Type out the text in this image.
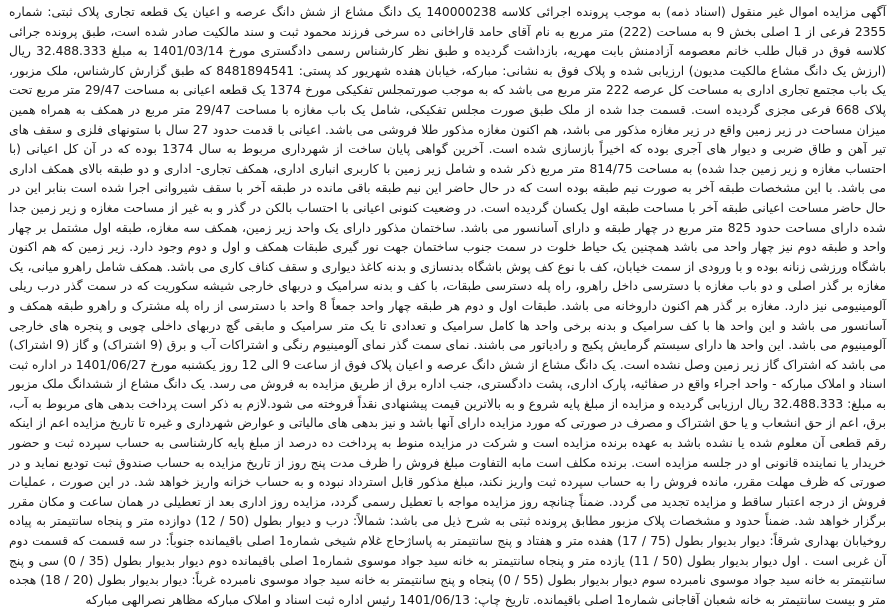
آگهی مزایده اموال غیر منقول (اسناد ذمه) به موجب پرونده اجرائی کلاسه 140000238 یک دانگ مشاع از شش دانگ عرصه و اعیان یک قطعه تجاری پلاک ثبتی: شماره 2355 فرعی از 1 اصلی بخش 9 به مساحت (222) متر مربع به نام آقای حامد قاراخانی ده سرخی فرزند محمود ثبت و سند مالکیت صادر شده است، طبق پرونده جرائی کلاسه فوق در قبال طلب خانم معصومه آزادمنش بابت مهریه، بازداشت گردیده و طبق نظر کارشناس رسمی دادگستری مورخ 1401/03/14 به مبلغ 32.488.333 ریال (ارزش یک دانگ مشاع مالکیت مدیون) ارزیابی شده و پلاک فوق به نشانی: مبارکه، خیابان هفده شهریور کد پستی: 8481894541 که طبق گزارش کارشناس، ملک مزبور، یک باب مجتمع تجاری اداری به مساحت کل عرصه 222 متر مربع می باشد که به موجب صورتمجلس تفکیکی مورخ 1374 یک قطعه اعیانی به مساحت 29/47 متر مربع تحت پلاک 668 فرعی مجزی گردیده است. قسمت جدا شده از ملک طبق صورت مجلس تفکیکی، شامل یک باب مغازه با مساحت 29/47 متر مربع در همکف به همراه همین میزان مساحت در زیر زمین واقع در زیر مغازه مذکور می باشد، هم اکنون مغازه مذکور طلا فروشی می باشد. اعیانی با قدمت حدود 27 سال با ستونهای فلزی و سقف های تیر آهن و طاق ضربی و دیوار های آجری بوده که اخیراً بازسازی شده است. آخرین گواهی پایان ساخت از شهرداری مربوط به سال 1374 بوده که در آن کل اعیانی (با احتساب مغازه و زیر زمین جدا شده) به مساحت 814/75 متر مربع ذکر شده و شامل زیر زمین با کاربری انباری اداری، همکف تجاری- اداری و دو طبقه بالای همکف اداری می باشد. با این مشخصات طبقه آخر به صورت نیم طبقه بوده است که در حال حاضر این نیم طبقه باقی مانده در طبقه آخر با سقف شیروانی اجرا شده است بنابر این در حال حاضر مساحت اعیانی طبقه آخر با مساحت طبقه اول یکسان گردیده است. در وضعیت کنونی اعیانی با احتساب بالکن در گذر و به غیر از مساحت مغازه و زیر زمین جدا شده دارای مساحت حدود 825 متر مربع در چهار طبقه و دارای آسانسور می باشد. ساختمان مذکور دارای یک واحد زیر زمین، همکف سه مغازه، طبقه اول مشتمل بر چهار واحد و طبقه دوم نیز چهار واحد می باشد همچنین یک حیاط خلوت در سمت جنوب ساختمان جهت نور گیری طبقات همکف و اول و دوم وجود دارد. زیر زمین که هم اکنون باشگاه ورزشی زنانه بوده و با ورودی از سمت خیابان، کف با نوع کف پوش باشگاه بدنسازی و بدنه کاغذ دیواری و سقف کناف کاری می باشد. همکف شامل راهرو میانی، یک مغازه بر گذر اصلی و دو باب مغازه با دسترسی داخل راهرو، راه پله دسترسی طبقات، با کف و بدنه سرامیک و دربهای خارجی شیشه سکوریت که در سمت گذر درب ریلی آلومینیومی نیز دارد. مغازه بر گذر هم اکنون داروخانه می باشد. طبقات اول و دوم هر طبقه چهار واحد جمعاً 8 واحد با دسترسی از راه پله مشترک و راهرو طبقه همکف و آسانسور می باشد و این واحد ها با کف سرامیک و بدنه برخی واحد ها کامل سرامیک و تعدادی تا یک متر سرامیک و مابقی گچ دربهای داخلی چوبی و پنجره های خارجی آلومینیوم می باشد. این واحد ها دارای سیستم گرمایش پکیج و رادیاتور می باشند. نمای سمت گذر نمای آلومینیوم رنگی و اشتراکات آب و برق (9 اشتراک) و گاز (9 اشتراک) می باشد که اشتراک گاز زیر زمین وصل نشده است. یک دانگ مشاع از شش دانگ عرصه و اعیان پلاک فوق از ساعت 9 الی 12 روز یکشنبه مورخ 1401/06/27 در اداره ثبت اسناد و املاک مبارکه - واحد اجراء واقع در صفائیه، پارک اداری، پشت دادگستری، جنب اداره برق از طریق مزایده به فروش می رسد. یک دانگ مشاع از ششدانگ ملک مزبور به مبلغ: 32.488.333 ریال ارزیابی گردیده و مزایده از مبلغ پایه شروع و به بالاترین قیمت پیشنهادی نقداً فروخته می شود.لازم به ذکر است پرداخت بدهی های مربوط به آب، برق، اعم از حق انشعاب و یا حق اشتراک و مصرف در صورتی که مورد مزایده دارای آنها باشد و نیز بدهی های مالیاتی و عوارض شهرداری و غیره تا تاریخ مزایده اعم از اینکه رقم قطعی آن معلوم شده یا نشده باشد به عهده برنده مزایده است و شرکت در مزایده منوط به پرداخت ده درصد از مبلغ پایه کارشناسی به حساب سپرده ثبت و حضور خریدار یا نماینده قانونی او در جلسه مزایده است. برنده مکلف است مابه التفاوت مبلغ فروش را ظرف مدت پنج روز از تاریخ مزایده به حساب صندوق ثبت تودیع نماید و در صورتی که ظرف مهلت مقرر، مانده فروش را به حساب سپرده ثبت واریز نکند، مبلغ مذکور قابل استرداد نبوده و به حساب خزانه واریز خواهد شد. در این صورت ، عملیات فروش از درجه اعتبار ساقط و مزایده تجدید می گردد. ضمناً چنانچه روز مزایده مواجه با تعطیل رسمی گردد، مزایده روز اداری بعد از تعطیلی در همان ساعت و مکان مقرر برگزار خواهد شد. ضمناً حدود و مشخصات پلاک مزبور مطابق پرونده ثبتی به شرح ذیل می باشد: شمالاً: درب و دیوار بطول (50 / 12) دوازده متر و پنجاه سانتیمتر به پیاده روخیابان بهداری شرقاً: دیوار بدیوار بطول (75 / 17) هفده متر و هفتاد و پنج سانتیمتر به پاساژحاج غلام شیخی شماره1 اصلی باقیمانده جنوباً: در سه قسمت که قسمت دوم آن غربی است . اول دیوار بدیوار بطول (50 / 11) یازده متر و پنجاه سانتیمتر به خانه سید جواد موسوی شماره1 اصلی باقیمانده دوم دیوار بدیوار بطول (35 / 0) سی و پنج سانتیمتر به خانه سید جواد موسوی نامبرده سوم دیوار بدیوار بطول (55 / 0) پنجاه و پنج سانتیمتر به خانه سید جواد موسوی نامبرده غرباً: دیوار بدیوار بطول (20 / 18) هجده متر و بیست سانتیمتر به خانه شعبان آقاجانی شماره1 اصلی باقیمانده. تاریخ چاپ: 1401/06/13 رئیس اداره ثبت اسناد و املاک مبارکه مظاهر نصرالهی مبارکه
